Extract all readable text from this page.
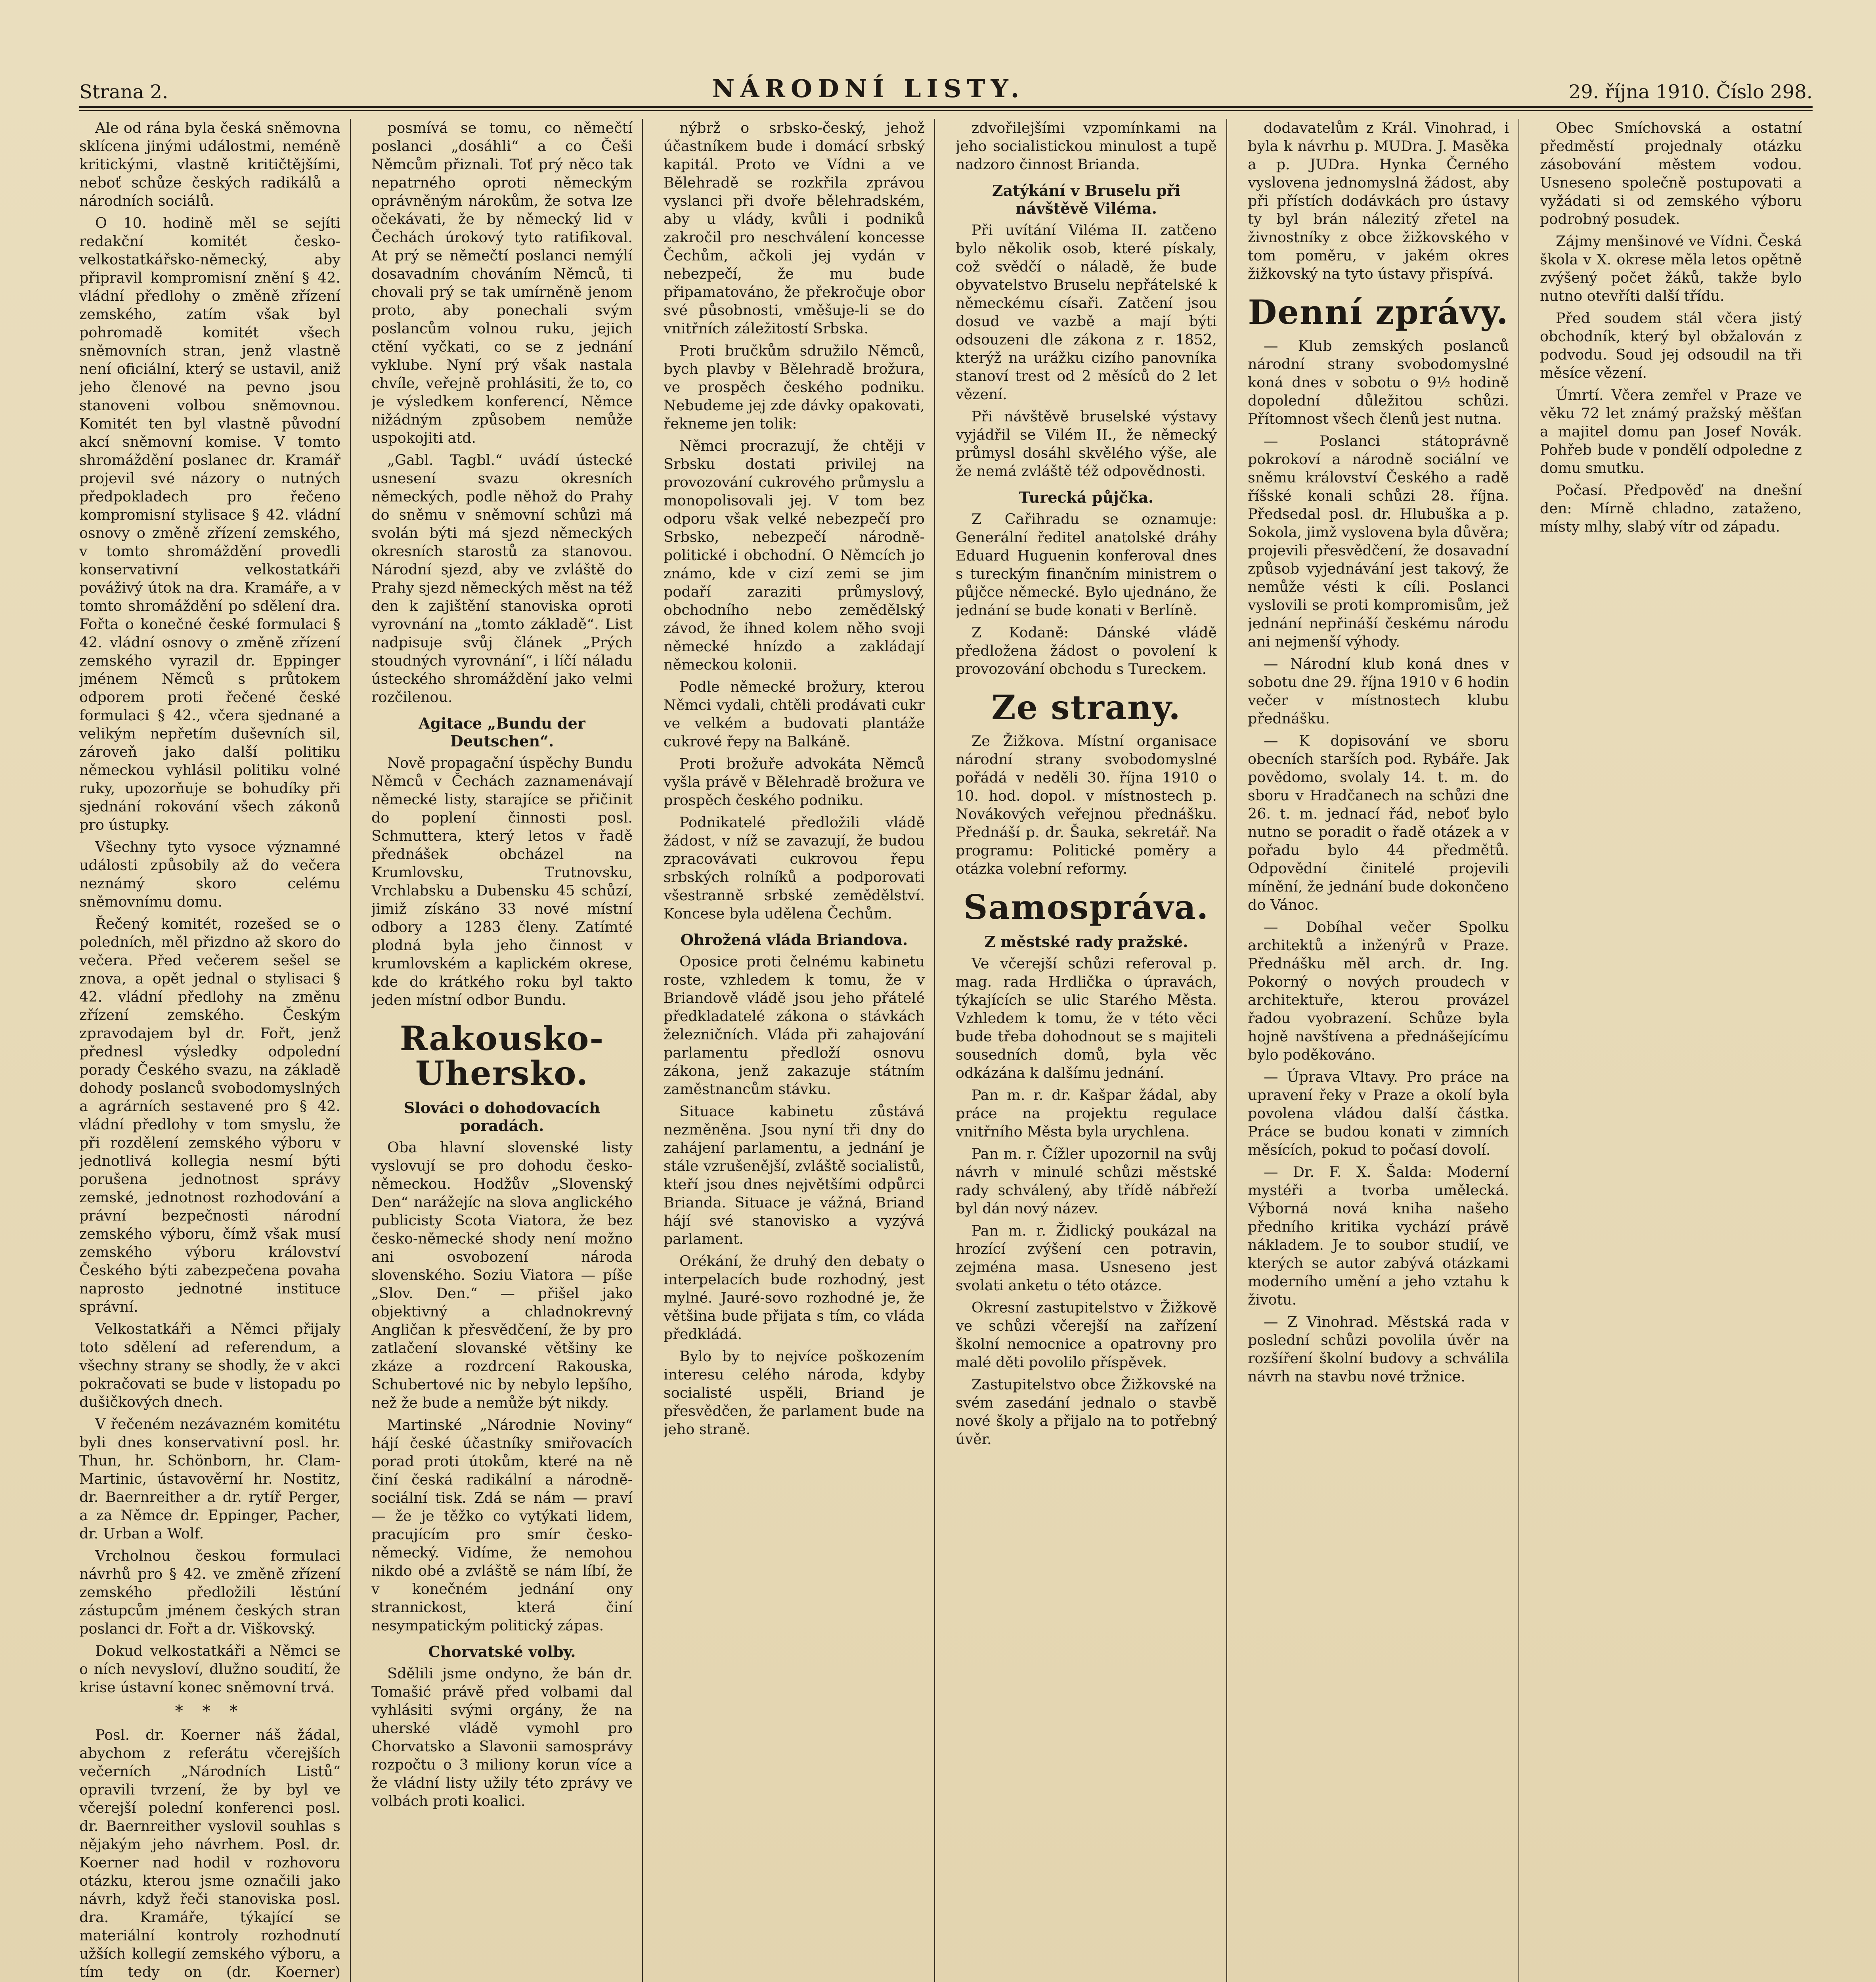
Strana 2.	NÁRODNÍ LISTY.	29. října 1910. Číslo 298.

Ale od rána byla česká sněmovna sklícena jinými událostmi, neméně kritickými, vlastně kritičtějšími, neboť schůze českých radikálů a národních sociálů.

O 10. hodině měl se sejíti redakční komitét česko-velkostatkářsko-německý, aby připravil kompromisní znění § 42. vládní předlohy o změně zřízení zemského, zatím však byl pohromadě komitét všech sněmovních stran, jenž vlastně není oficiální, který se ustavil, aniž jeho členové na pevno jsou stanoveni volbou sněmovnou. Komitét ten byl vlastně původní akcí sněmovní komise. V tomto shromáždění poslanec dr. Kramář projevil své názory o nutných předpokladech pro řečeno kompromisní stylisace § 42. vládní osnovy o změně zřízení zemského, v tomto shromáždění provedli konservativní velkostatkáři pováživý útok na dra. Kramáře, a v tomto shromáždění po sdělení dra. Fořta o konečné české formulaci § 42. vládní osnovy o změně zřízení zemského vyrazil dr. Eppinger jménem Němců s průtokem odporem proti řečené české formulaci § 42., včera sjednané a velikým nepřetím duševních sil, zároveň jako další politiku německou vyhlásil politiku volné ruky, upozorňuje se bohudíky při sjednání rokování všech zákonů pro ústupky.

Všechny tyto vysoce významné události způsobily až do večera neznámý skoro celému sněmovnímu domu.

Řečený komitét, rozešed se o poledních, měl přizdno až skoro do večera. Před večerem sešel se znova, a opět jednal o stylisaci § 42. vládní předlohy na změnu zřízení zemského. Českým zpravodajem byl dr. Fořt, jenž přednesl výsledky odpolední porady Českého svazu, na základě dohody poslanců svobodomyslných a agrárních sestavené pro § 42. vládní předlohy v tom smyslu, že při rozdělení zemského výboru v jednotlivá kollegia nesmí býti porušena jednotnost správy zemské, jednotnost rozhodování a právní bezpečnosti národní zemského výboru, čímž však musí zemského výboru království Českého býti zabezpečena povaha naprosto jednotné instituce správní.

Velkostatkáři a Němci přijaly toto sdělení ad referendum, a všechny strany se shodly, že v akci pokračovati se bude v listopadu po dušičkových dnech.

V řečeném nezávazném komitétu byli dnes konservativní posl. hr. Thun, hr. Schönborn, hr. Clam-Martinic, ústavověrní hr. Nostitz, dr. Baernreither a dr. rytíř Perger, a za Němce dr. Eppinger, Pacher, dr. Urban a Wolf.

Vrcholnou českou formulaci návrhů pro § 42. ve změně zřízení zemského předložili lěstúní zástupcům jménem českých stran poslanci dr. Fořt a dr. Viškovský.

Dokud velkostatkáři a Němci se o ních nevysloví, dlužno soudití, že krise ústavní konec sněmovní trvá.

* * *

Posl. dr. Koerner náš žádal, abychom z referátu včerejších večerních „Národních Listů“ opravili tvrzení, že by byl ve včerejší polední konferenci posl. dr. Baernreither vyslovil souhlas s nějakým jeho návrhem. Posl. dr. Koerner nad hodil v rozhovoru otázku, kterou jsme označili jako návrh, když řeči stanoviska posl. dra. Kramáře, týkající se materiální kontroly rozhodnutí užších kollegií zemského výboru, a tím tedy on (dr. Koerner)

posmívá se tomu, co němečtí poslanci „dosáhli“ a co Češi Němcům přiznali. Toť prý něco tak nepatrného oproti německým oprávněným nárokům, že sotva lze očekávati, že by německý lid v Čechách úrokový tyto ratifikoval. At prý se němečtí poslanci nemýlí dosavadním chováním Němců, ti chovali prý se tak umírněně jenom proto, aby ponechali svým poslancům volnou ruku, jejich ctění vyčkati, co se z jednání vyklube. Nyní prý však nastala chvíle, veřejně prohlásiti, že to, co je výsledkem konferencí, Němce nižádným způsobem nemůže uspokojiti atd.

„Gabl. Tagbl.“ uvádí ústecké usnesení svazu okresních německých, podle něhož do Prahy do sněmu v sněmovní schůzi má svolán býti má sjezd německých okresních starostů za stanovou. Národní sjezd, aby ve zvláště do Prahy sjezd německých měst na též den k zajištění stanoviska oproti vyrovnání na „tomto základě“. List nadpisuje svůj článek „Prých stoudných vyrovnání“, i líčí náladu ústeckého shromáždění jako velmi rozčilenou.

Agitace „Bundu der Deutschen“.

Nově propagační úspěchy Bundu Němců v Čechách zaznamenávají německé listy, starajíce se přičinit do poplení činnosti posl. Schmuttera, který letos v řadě přednášek obcházel na Krumlovsku, Trutnovsku, Vrchlabsku a Dubensku 45 schůzí, jimiž získáno 33 nové místní odbory a 1283 členy. Zatímté plodná byla jeho činnost v krumlovském a kaplickém okrese, kde do krátkého roku byl takto jeden místní odbor Bundu.

Rakousko-Uhersko.
Slováci o dohodovacích poradách.

Oba hlavní slovenské listy vyslovují se pro dohodu česko-německou. Hodžův „Slovenský Den“ narážejíc na slova anglického publicisty Scota Viatora, že bez česko-německé shody není možno ani osvobození národa slovenského. Soziu Viatora — píše „Slov. Den.“ — přišel jako objektivný a chladnokrevný Angličan k přesvědčení, že by pro zatlačení slovanské většiny ke zkáze a rozdrcení Rakouska, Schubertové nic by nebylo lepšího, než že bude a nemůže být nikdy.

Martinské „Národnie Noviny“ hájí české účastníky smiřovacích porad proti útokům, které na ně činí česká radikální a národně-sociální tisk. Zdá se nám — praví — že je těžko co vytýkati lidem, pracujícím pro smír česko-německý. Vidíme, že nemohou nikdo obé a zvláště se nám líbí, že v konečném jednání ony strannickost, která činí nesympatickým politický zápas.

Chorvatské volby.

Sdělili jsme ondyno, že bán dr. Tomašić právě před volbami dal vyhlásiti svými orgány, že na uherské vládě vymohl pro Chorvatsko a Slavonii samosprávy rozpočtu o 3 miliony korun více a že vládní listy užily této zprávy ve volbách proti koalici.

nýbrž o srbsko-český, jehož účastníkem bude i domácí srbský kapitál. Proto ve Vídni a ve Bělehradě se rozkřila zprávou vyslanci při dvoře bělehradském, aby u vlády, kvůli i podniků zakročil pro neschválení koncesse Čechům, ačkoli jej vydán v nebezpečí, že mu bude připamatováno, že překročuje obor své působnosti, vměšuje-li se do vnitřních záležitostí Srbska.

Proti bručkům sdružilo Němců, bych plavby v Bělehradě brožura, ve prospěch českého podniku. Nebudeme jej zde dávky opakovati, řekneme jen tolik:

Němci procrazují, že chtěji v Srbsku dostati privilej na provozování cukrového průmyslu a monopolisovali jej. V tom bez odporu však velké nebezpečí pro Srbsko, nebezpečí národně-politické i obchodní. O Němcích jo známo, kde v cizí zemi se jim podaří zaraziti průmyslový, obchodního nebo zemědělský závod, že ihned kolem něho svoji německé hnízdo a zakládají německou kolonii.

Podle německé brožury, kterou Němci vydali, chtěli prodávati cukr ve velkém a budovati plantáže cukrové řepy na Balkáně.

Proti brožuře advokáta Němců vyšla právě v Bělehradě brožura ve prospěch českého podniku.

Podnikatelé předložili vládě žádost, v níž se zavazují, že budou zpracovávati cukrovou řepu srbských rolníků a podporovati všestranně srbské zemědělství. Koncese byla udělena Čechům.

Ohrožená vláda Briandova.

Oposice proti čelnému kabinetu roste, vzhledem k tomu, že v Briandově vládě jsou jeho přátelé předkladatelé zákona o stávkách železničních. Vláda při zahajování parlamentu předloží osnovu zákona, jenž zakazuje státním zaměstnancům stávku.

Situace kabinetu zůstává nezměněna. Jsou nyní tři dny do zahájení parlamentu, a jednání je stále vzrušenější, zvláště socialistů, kteří jsou dnes největšími odpůrci Brianda. Situace je vážná, Briand hájí své stanovisko a vyzývá parlament.

Orékání, že druhý den debaty o interpelacích bude rozhodný, jest mylné. Jauré-sovo rozhodné je, že většina bude přijata s tím, co vláda předkládá.

Bylo by to nejvíce poškozením interesu celého národa, kdyby socialisté uspěli, Briand je přesvědčen, že parlament bude na jeho straně.

zdvořilejšími vzpomínkami na jeho socialistickou minulost a tupě nadzoro činnost Brianda.

Zatýkání v Bruselu při návštěvě Viléma.

Při uvítání Viléma II. zatčeno bylo několik osob, které pískaly, což svědčí o náladě, že bude obyvatelstvo Bruselu nepřátelské k německému císaři. Zatčení jsou dosud ve vazbě a mají býti odsouzeni dle zákona z r. 1852, kterýž na urážku cizího panovníka stanoví trest od 2 měsíců do 2 let vězení.

Při návštěvě bruselské výstavy vyjádřil se Vilém II., že německý průmysl dosáhl skvělého výše, ale že nemá zvláště též odpovědnosti.

Turecká půjčka.

Z Cařihradu se oznamuje: Generální ředitel anatolské dráhy Eduard Huguenin konferoval dnes s tureckým finančním ministrem o půjčce německé. Bylo ujednáno, že jednání se bude konati v Berlíně.

Z Kodaně: Dánské vládě předložena žádost o povolení k provozování obchodu s Tureckem.

Ze strany.

Ze Žižkova. Místní organisace národní strany svobodomyslné pořádá v neděli 30. října 1910 o 10. hod. dopol. v místnostech p. Novákových veřejnou přednášku. Přednáší p. dr. Šauka, sekretář. Na programu: Politické poměry a otázka volební reformy.

Samospráva.
Z městské rady pražské.

Ve včerejší schůzi referoval p. mag. rada Hrdlička o úpravách, týkajících se ulic Starého Města. Vzhledem k tomu, že v této věci bude třeba dohodnout se s majiteli sousedních domů, byla věc odkázána k dalšímu jednání.

Pan m. r. dr. Kašpar žádal, aby práce na projektu regulace vnitřního Města byla urychlena.

Pan m. r. Čížler upozornil na svůj návrh v minulé schůzi městské rady schválený, aby třídě nábřeží byl dán nový název.

Pan m. r. Židlický poukázal na hrozící zvýšení cen potravin, zejména masa. Usneseno jest svolati anketu o této otázce.

Okresní zastupitelstvo v Žižkově ve schůzi včerejší na zařízení školní nemocnice a opatrovny pro malé děti povolilo příspěvek.

Zastupitelstvo obce Žižkovské na svém zasedání jednalo o stavbě nové školy a přijalo na to potřebný úvěr.

dodavatelům z Král. Vinohrad, i byla k návrhu p. MUDra. J. Masěka a p. JUDra. Hynka Černého vyslovena jednomyslná žádost, aby při přístích dodávkách pro ústavy ty byl brán nálezitý zřetel na živnostníky z obce žižkovského v tom poměru, v jakém okres žižkovský na tyto ústavy přispívá.

Denní zprávy.

— Klub zemských poslanců národní strany svobodomyslné koná dnes v sobotu o 9½ hodině dopolední důležitou schůzi. Přítomnost všech členů jest nutna.

— Poslanci státoprávně pokrokoví a národně sociální ve sněmu království Českého a radě říšské konali schůzi 28. října. Předsedal posl. dr. Hlubuška a p. Sokola, jimž vyslovena byla důvěra; projevili přesvědčení, že dosavadní způsob vyjednávání jest takový, že nemůže vésti k cíli. Poslanci vyslovili se proti kompromisům, jež jednání nepřináší českému národu ani nejmenší výhody.

— Národní klub koná dnes v sobotu dne 29. října 1910 v 6 hodin večer v místnostech klubu přednášku.

— K dopisování ve sboru obecních starších pod. Rybáře. Jak povědomo, svolaly 14. t. m. do sboru v Hradčanech na schůzi dne 26. t. m. jednací řád, neboť bylo nutno se poradit o řadě otázek a v pořadu bylo 44 předmětů. Odpovědní činitelé projevili mínění, že jednání bude dokončeno do Vánoc.

— Dobíhal večer Spolku architektů a inženýrů v Praze. Přednášku měl arch. dr. Ing. Pokorný o nových proudech v architektuře, kterou provázel řadou vyobrazení. Schůze byla hojně navštívena a přednášejícímu bylo poděkováno.

— Úprava Vltavy. Pro práce na upravení řeky v Praze a okolí byla povolena vládou další částka. Práce se budou konati v zimních měsících, pokud to počasí dovolí.

— Dr. F. X. Šalda: Moderní mystéři a tvorba umělecká. Výborná nová kniha našeho předního kritika vychází právě nákladem. Je to soubor studií, ve kterých se autor zabývá otázkami moderního umění a jeho vztahu k životu.

— Z Vinohrad. Městská rada v poslední schůzi povolila úvěr na rozšíření školní budovy a schválila návrh na stavbu nové tržnice.

Obec Smíchovská a ostatní předměstí projednaly otázku zásobování městem vodou. Usneseno společně postupovati a vyžádati si od zemského výboru podrobný posudek.

Zájmy menšinové ve Vídni. Česká škola v X. okrese měla letos opětně zvýšený počet žáků, takže bylo nutno otevříti další třídu.

Před soudem stál včera jistý obchodník, který byl obžalován z podvodu. Soud jej odsoudil na tři měsíce vězení.

Úmrtí. Včera zemřel v Praze ve věku 72 let známý pražský měšťan a majitel domu pan Josef Novák. Pohřeb bude v pondělí odpoledne z domu smutku.

Počasí. Předpověď na dnešní den: Mírně chladno, zataženo, místy mlhy, slabý vítr od západu.
